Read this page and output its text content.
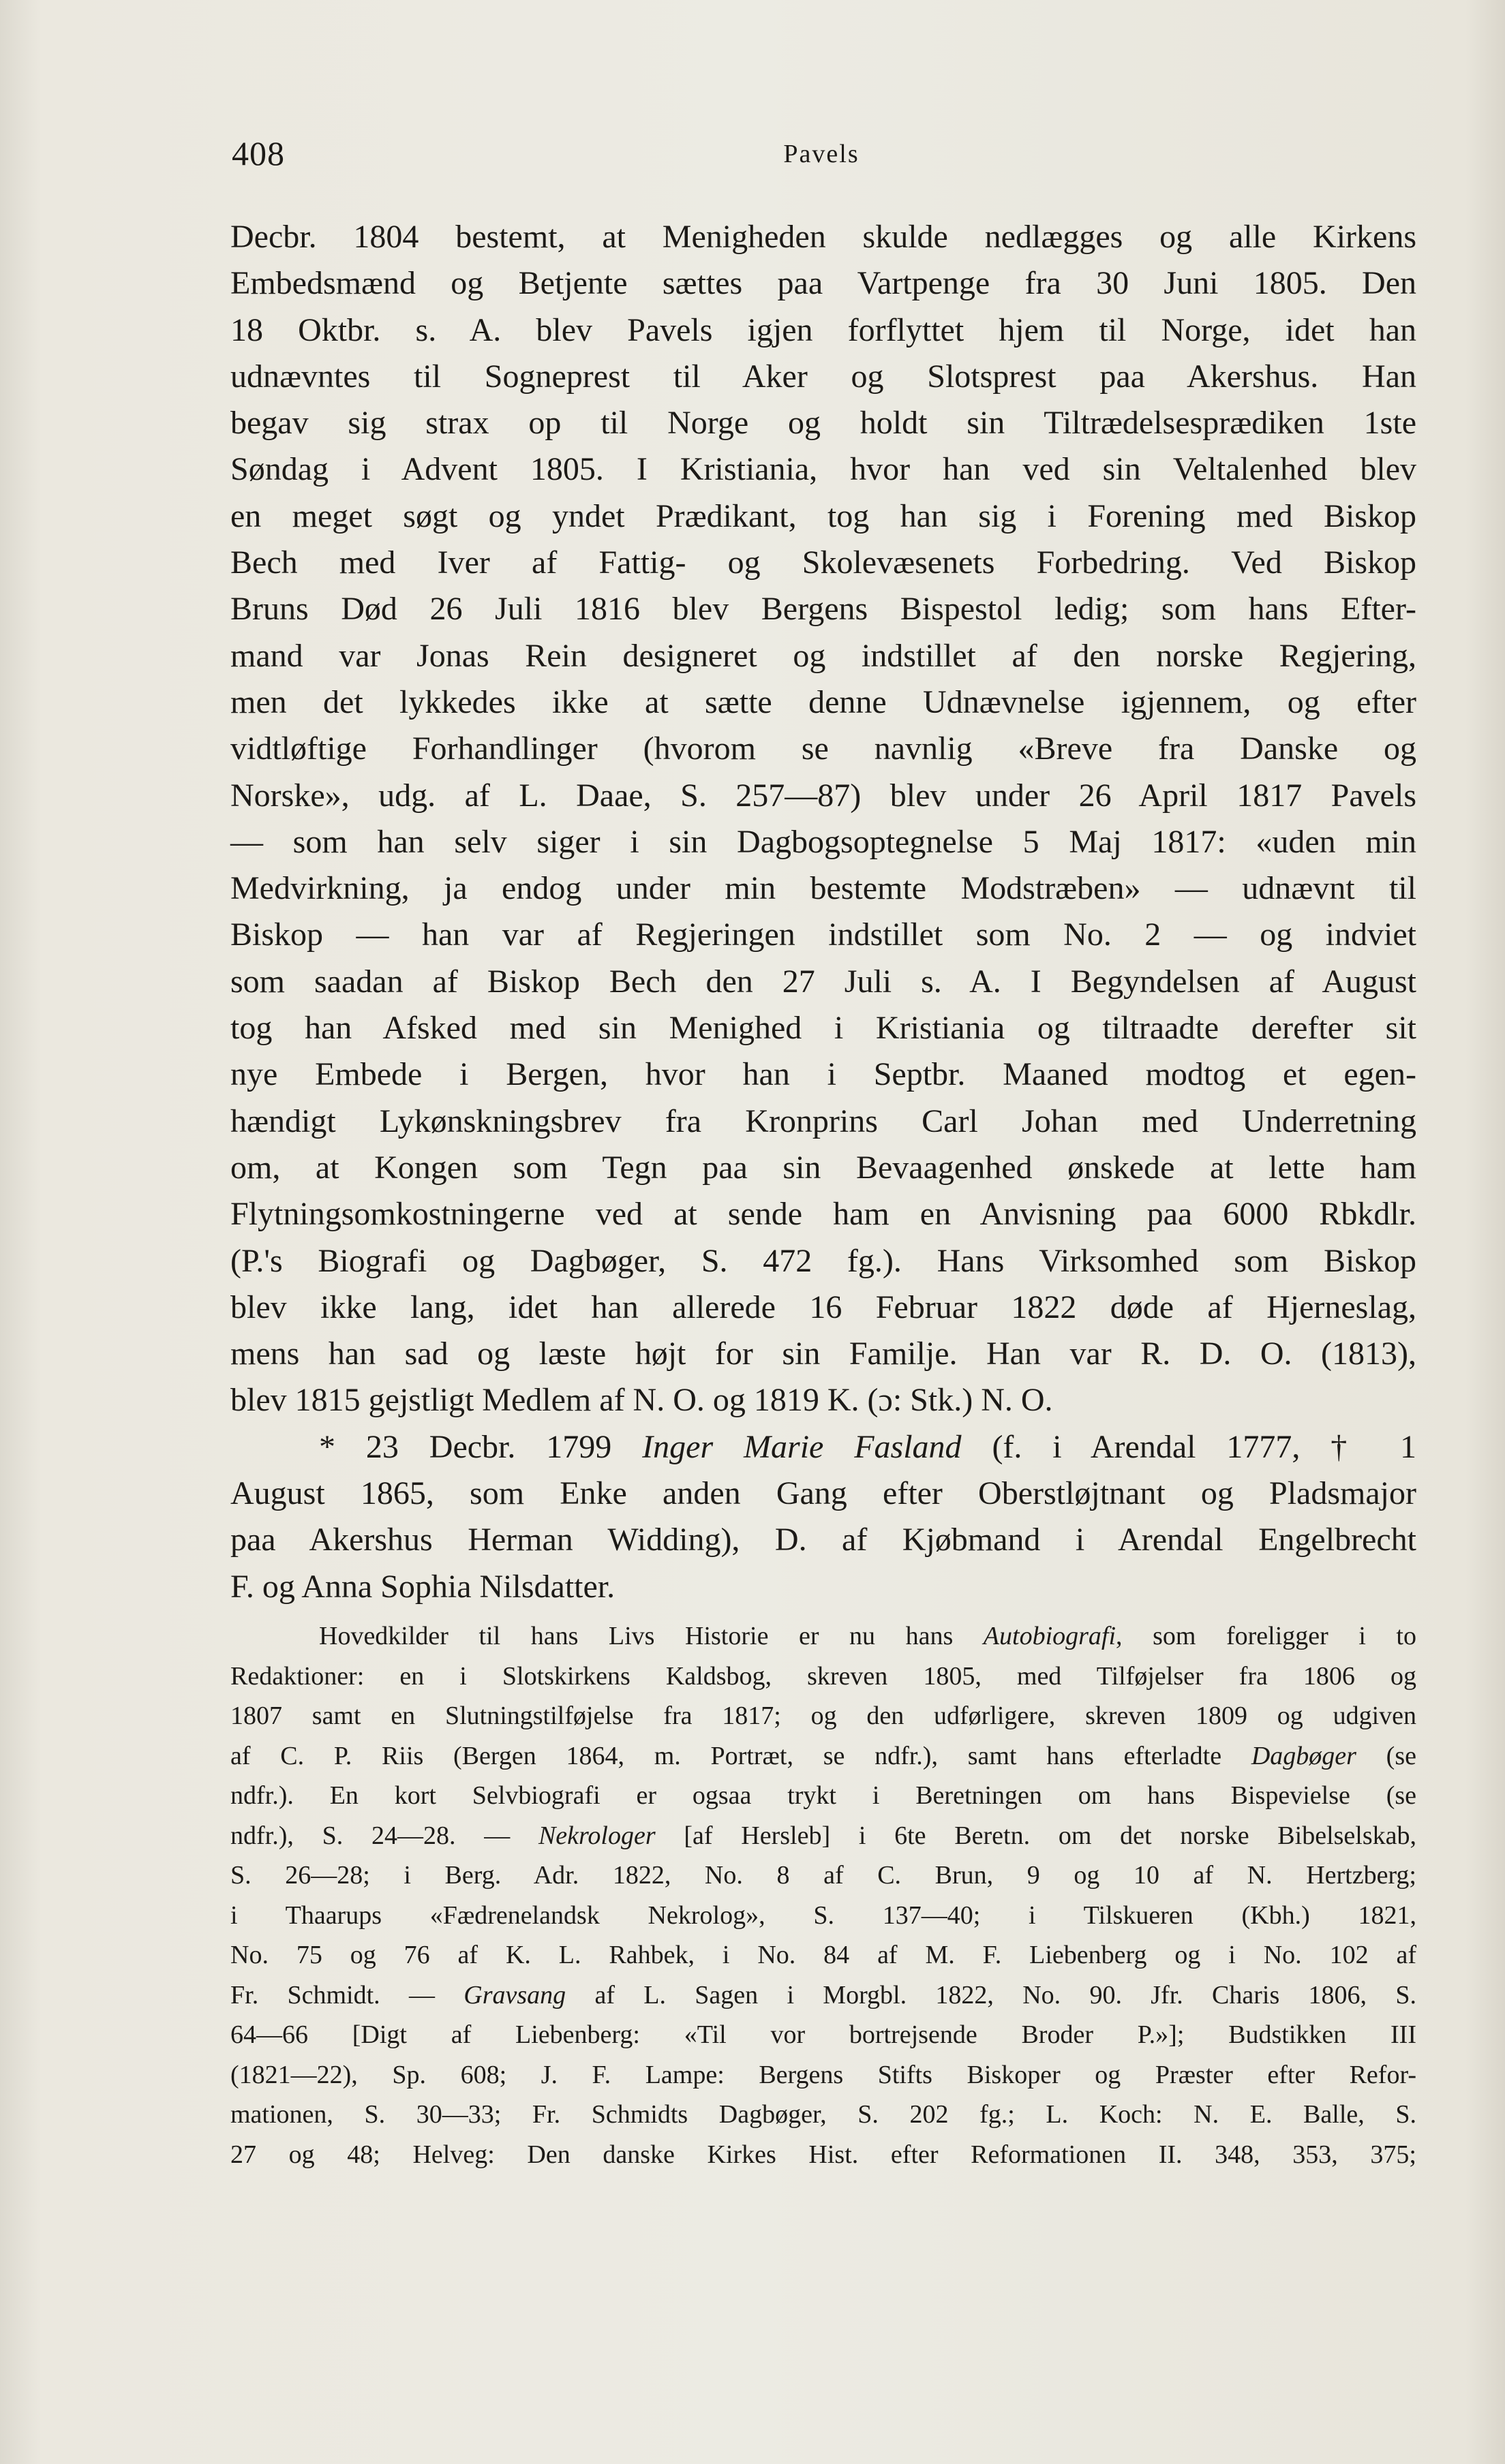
408	Pavels
Decbr. 1804 bestemt, at Menigheden skulde nedlægges og alle Kirkens
Embedsmænd og Betjente sættes paa Vartpenge fra 30 Juni 1805. Den
18 Oktbr. s. A. blev Pavels igjen forflyttet hjem til Norge, idet han
udnævntes til Sogneprest til Aker og Slotsprest paa Akershus. Han
begav sig strax op til Norge og holdt sin Tiltrædelsesprædiken 1ste
Søndag i Advent 1805. I Kristiania, hvor han ved sin Veltalenhed blev
en meget søgt og yndet Prædikant, tog han sig i Forening med Biskop
Bech med Iver af Fattig- og Skolevæsenets Forbedring. Ved Biskop
Bruns Død 26 Juli 1816 blev Bergens Bispestol ledig; som hans Efter-
mand var Jonas Rein designeret og indstillet af den norske Regjering,
men det lykkedes ikke at sætte denne Udnævnelse igjennem, og efter
vidtløftige Forhandlinger (hvorom se navnlig «Breve fra Danske og
Norske», udg. af L. Daae, S. 257—87) blev under 26 April 1817 Pavels
— som han selv siger i sin Dagbogsoptegnelse 5 Maj 1817: «uden min
Medvirkning, ja endog under min bestemte Modstræben» — udnævnt til
Biskop — han var af Regjeringen indstillet som No. 2 — og indviet
som saadan af Biskop Bech den 27 Juli s. A. I Begyndelsen af August
tog han Afsked med sin Menighed i Kristiania og tiltraadte derefter sit
nye Embede i Bergen, hvor han i Septbr. Maaned modtog et egen-
hændigt Lykønskningsbrev fra Kronprins Carl Johan med Underretning
om, at Kongen som Tegn paa sin Bevaagenhed ønskede at lette ham
Flytningsomkostningerne ved at sende ham en Anvisning paa 6000 Rbkdlr.
(P.'s Biografi og Dagbøger, S. 472 fg.). Hans Virksomhed som Biskop
blev ikke lang, idet han allerede 16 Februar 1822 døde af Hjerneslag,
mens han sad og læste højt for sin Familje. Han var R. D. O. (1813),
blev 1815 gejstligt Medlem af N. O. og 1819 K. (ɔ: Stk.) N. O.
* 23 Decbr. 1799 Inger Marie Fasland (f. i Arendal 1777, † 1
August 1865, som Enke anden Gang efter Oberstløjtnant og Pladsmajor
paa Akershus Herman Widding), D. af Kjøbmand i Arendal Engelbrecht
F. og Anna Sophia Nilsdatter.
Hovedkilder til hans Livs Historie er nu hans Autobiografi, som foreligger i to
Redaktioner: en i Slotskirkens Kaldsbog, skreven 1805, med Tilføjelser fra 1806 og
1807 samt en Slutningstilføjelse fra 1817; og den udførligere, skreven 1809 og udgiven
af C. P. Riis (Bergen 1864, m. Portræt, se ndfr.), samt hans efterladte Dagbøger (se
ndfr.). En kort Selvbiografi er ogsaa trykt i Beretningen om hans Bispevielse (se
ndfr.), S. 24—28. — Nekrologer [af Hersleb] i 6te Beretn. om det norske Bibelselskab,
S. 26—28; i Berg. Adr. 1822, No. 8 af C. Brun, 9 og 10 af N. Hertzberg;
i Thaarups «Fædrenelandsk Nekrolog», S. 137—40; i Tilskueren (Kbh.) 1821,
No. 75 og 76 af K. L. Rahbek, i No. 84 af M. F. Liebenberg og i No. 102 af
Fr. Schmidt. — Gravsang af L. Sagen i Morgbl. 1822, No. 90. Jfr. Charis 1806, S.
64—66 [Digt af Liebenberg: «Til vor bortrejsende Broder P.»]; Budstikken III
(1821—22), Sp. 608; J. F. Lampe: Bergens Stifts Biskoper og Præster efter Refor-
mationen, S. 30—33; Fr. Schmidts Dagbøger, S. 202 fg.; L. Koch: N. E. Balle, S.
27 og 48; Helveg: Den danske Kirkes Hist. efter Reformationen II. 348, 353, 375;
